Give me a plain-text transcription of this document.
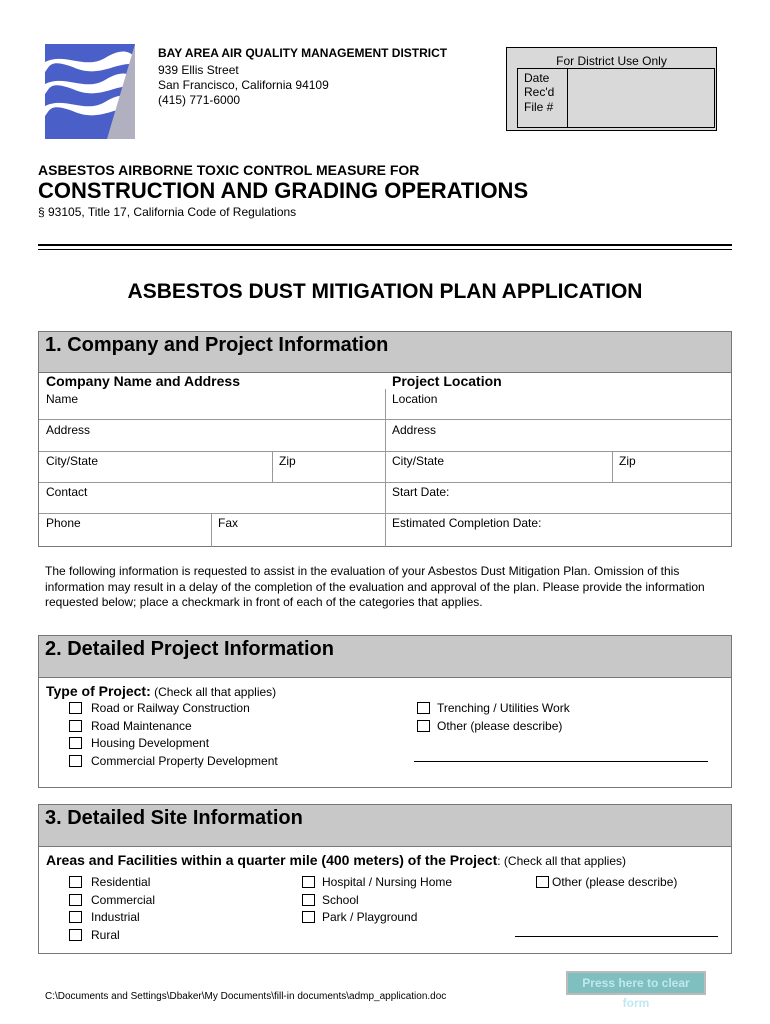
BAY AREA AIR QUALITY MANAGEMENT DISTRICT
939 Ellis Street
San Francisco, California 94109
(415) 771-6000
For District Use Only
Date
Rec'd
File #
ASBESTOS AIRBORNE TOXIC CONTROL MEASURE FOR
CONSTRUCTION AND GRADING OPERATIONS
§ 93105, Title 17, California Code of Regulations
ASBESTOS DUST MITIGATION PLAN APPLICATION
1. Company and Project Information
Company Name and Address	Project Location
Name	Location
Address	Address
City/State	Zip	City/State	Zip
Contact	Start Date:
Phone	Fax	Estimated Completion Date:
The following information is requested to assist in the evaluation of your Asbestos Dust Mitigation Plan. Omission of this information may result in a delay of the completion of the evaluation and approval of the plan. Please provide the information requested below; place a checkmark in front of each of the categories that applies.
2. Detailed Project Information
Type of Project: (Check all that applies)
Road or Railway Construction
Road Maintenance
Housing Development
Commercial Property Development
Trenching / Utilities Work
Other (please describe)
3. Detailed Site Information
Areas and Facilities within a quarter mile (400 meters) of the Project: (Check all that applies)
Residential
Commercial
Industrial
Rural
Hospital / Nursing Home
School
Park / Playground
Other (please describe)
C:\Documents and Settings\Dbaker\My Documents\fill-in documents\admp_application.doc
Press here to clear form
